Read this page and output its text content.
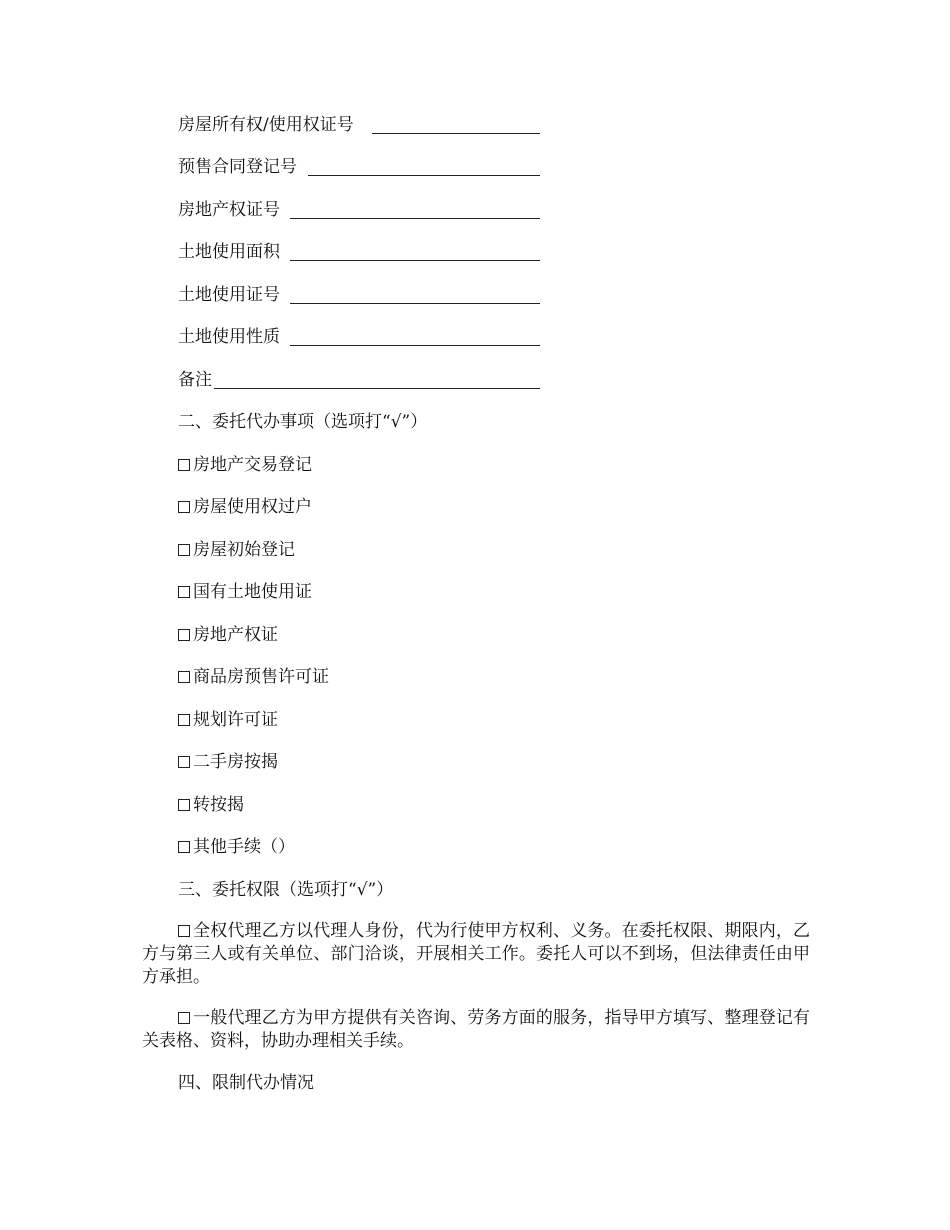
房屋所有权/使用权证号
预售合同登记号
房地产权证号
土地使用面积
土地使用证号
土地使用性质
备注
二、委托代办事项（选项打“√”）
房地产交易登记
房屋使用权过户
房屋初始登记
国有土地使用证
房地产权证
商品房预售许可证
规划许可证
二手房按揭
转按揭
其他手续（）
三、委托权限（选项打“√”）
全权代理乙方以代理人身份，代为行使甲方权利、义务。在委托权限、期限内，乙方与第三人或有关单位、部门洽谈，开展相关工作。委托人可以不到场，但法律责任由甲方承担。
一般代理乙方为甲方提供有关咨询、劳务方面的服务，指导甲方填写、整理登记有关表格、资料，协助办理相关手续。
四、限制代办情况
